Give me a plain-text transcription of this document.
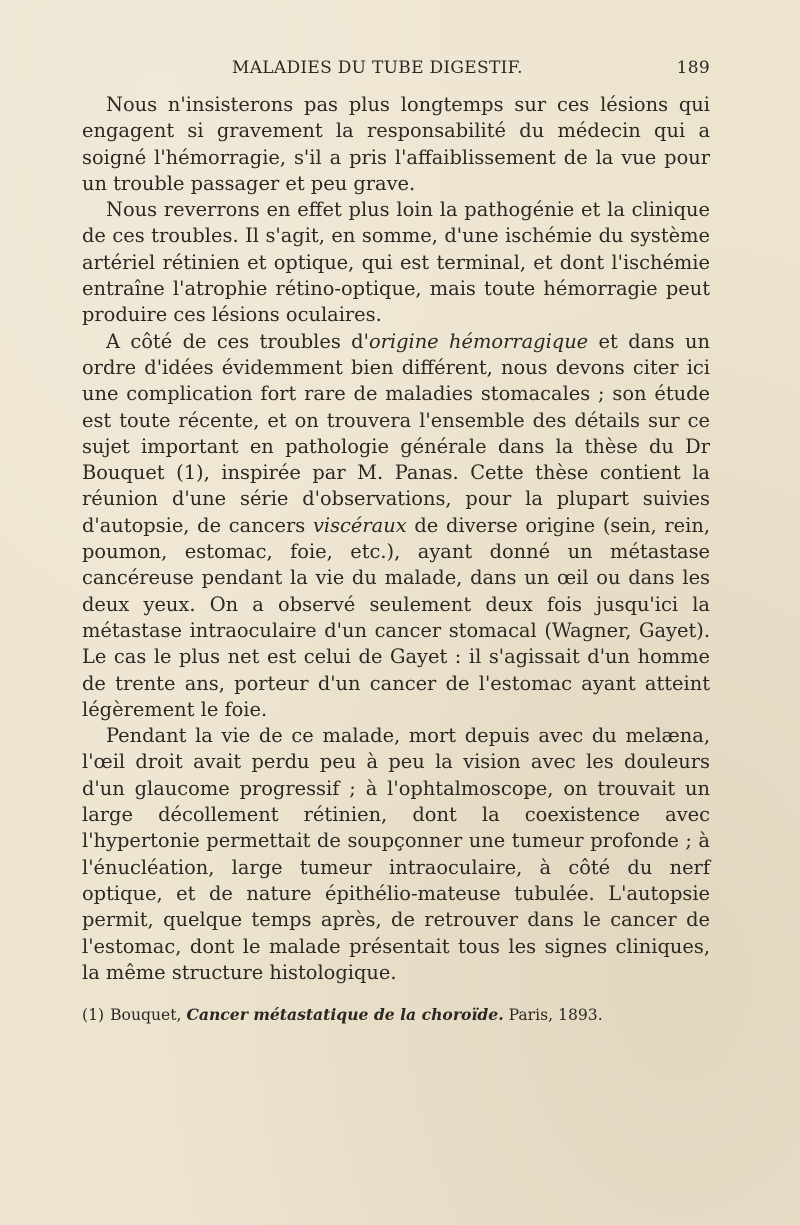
MALADIES DU TUBE DIGESTIF.	189

Nous n'insisterons pas plus longtemps sur ces lésions qui engagent si gravement la responsabilité du médecin qui a soigné l'hémorragie, s'il a pris l'affaiblissement de la vue pour un trouble passager et peu grave.

Nous reverrons en effet plus loin la pathogénie et la clinique de ces troubles. Il s'agit, en somme, d'une ischémie du système artériel rétinien et optique, qui est terminal, et dont l'ischémie entraîne l'atrophie rétino-optique, mais toute hémorragie peut produire ces lésions oculaires.

A côté de ces troubles d'origine hémorragique et dans un ordre d'idées évidemment bien différent, nous devons citer ici une complication fort rare de maladies stomacales ; son étude est toute récente, et on trouvera l'ensemble des détails sur ce sujet important en pathologie générale dans la thèse du Dr Bouquet (1), inspirée par M. Panas. Cette thèse contient la réunion d'une série d'observations, pour la plupart suivies d'autopsie, de cancers viscéraux de diverse origine (sein, rein, poumon, estomac, foie, etc.), ayant donné un métastase cancéreuse pendant la vie du malade, dans un œil ou dans les deux yeux. On a observé seulement deux fois jusqu'ici la métastase intraoculaire d'un cancer stomacal (Wagner, Gayet). Le cas le plus net est celui de Gayet : il s'agissait d'un homme de trente ans, porteur d'un cancer de l'estomac ayant atteint légèrement le foie.

Pendant la vie de ce malade, mort depuis avec du melæna, l'œil droit avait perdu peu à peu la vision avec les douleurs d'un glaucome progressif ; à l'ophtalmoscope, on trouvait un large décollement rétinien, dont la coexistence avec l'hypertonie permettait de soupçonner une tumeur profonde ; à l'énucléation, large tumeur intraoculaire, à côté du nerf optique, et de nature épithélio-mateuse tubulée. L'autopsie permit, quelque temps après, de retrouver dans le cancer de l'estomac, dont le malade présentait tous les signes cliniques, la même structure histologique.

(1) Bouquet, Cancer métastatique de la choroïde. Paris, 1893.
